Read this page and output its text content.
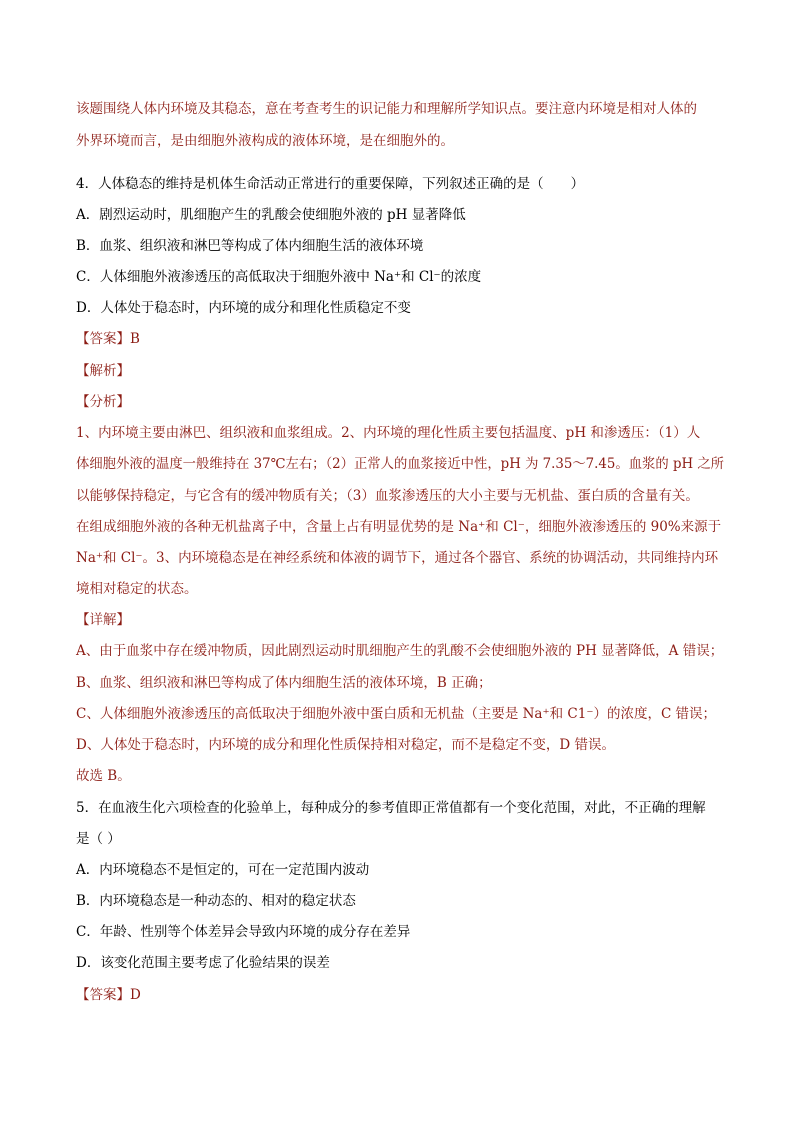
该题围绕人体内环境及其稳态，意在考查考生的识记能力和理解所学知识点。要注意内环境是相对人体的
外界环境而言，是由细胞外液构成的液体环境，是在细胞外的。
4．人体稳态的维持是机体生命活动正常进行的重要保障，下列叙述正确的是（　　）
A．剧烈运动时，肌细胞产生的乳酸会使细胞外液的 pH 显著降低
B．血浆、组织液和淋巴等构成了体内细胞生活的液体环境
C．人体细胞外液渗透压的高低取决于细胞外液中 Na⁺和 Cl⁻的浓度
D．人体处于稳态时，内环境的成分和理化性质稳定不变
【答案】B
【解析】
【分析】
1、内环境主要由淋巴、组织液和血浆组成。2、内环境的理化性质主要包括温度、pH 和渗透压：（1）人
体细胞外液的温度一般维持在 37℃左右；（2）正常人的血浆接近中性，pH 为 7.35～7.45。血浆的 pH 之所
以能够保持稳定，与它含有的缓冲物质有关；（3）血浆渗透压的大小主要与无机盐、蛋白质的含量有关。
在组成细胞外液的各种无机盐离子中，含量上占有明显优势的是 Na⁺和 Cl⁻，细胞外液渗透压的 90%来源于
Na⁺和 Cl⁻。3、内环境稳态是在神经系统和体液的调节下，通过各个器官、系统的协调活动，共同维持内环
境相对稳定的状态。
【详解】
A、由于血浆中存在缓冲物质，因此剧烈运动时肌细胞产生的乳酸不会使细胞外液的 PH 显著降低，A 错误；
B、血浆、组织液和淋巴等构成了体内细胞生活的液体环境，B 正确；
C、人体细胞外液渗透压的高低取决于细胞外液中蛋白质和无机盐（主要是 Na⁺和 C1⁻）的浓度，C 错误；
D、人体处于稳态时，内环境的成分和理化性质保持相对稳定，而不是稳定不变，D 错误。
故选 B。
5．在血液生化六项检查的化验单上，每种成分的参考值即正常值都有一个变化范围，对此，不正确的理解
是（ ）
A．内环境稳态不是恒定的，可在一定范围内波动
B．内环境稳态是一种动态的、相对的稳定状态
C．年龄、性别等个体差异会导致内环境的成分存在差异
D．该变化范围主要考虑了化验结果的误差
【答案】D
